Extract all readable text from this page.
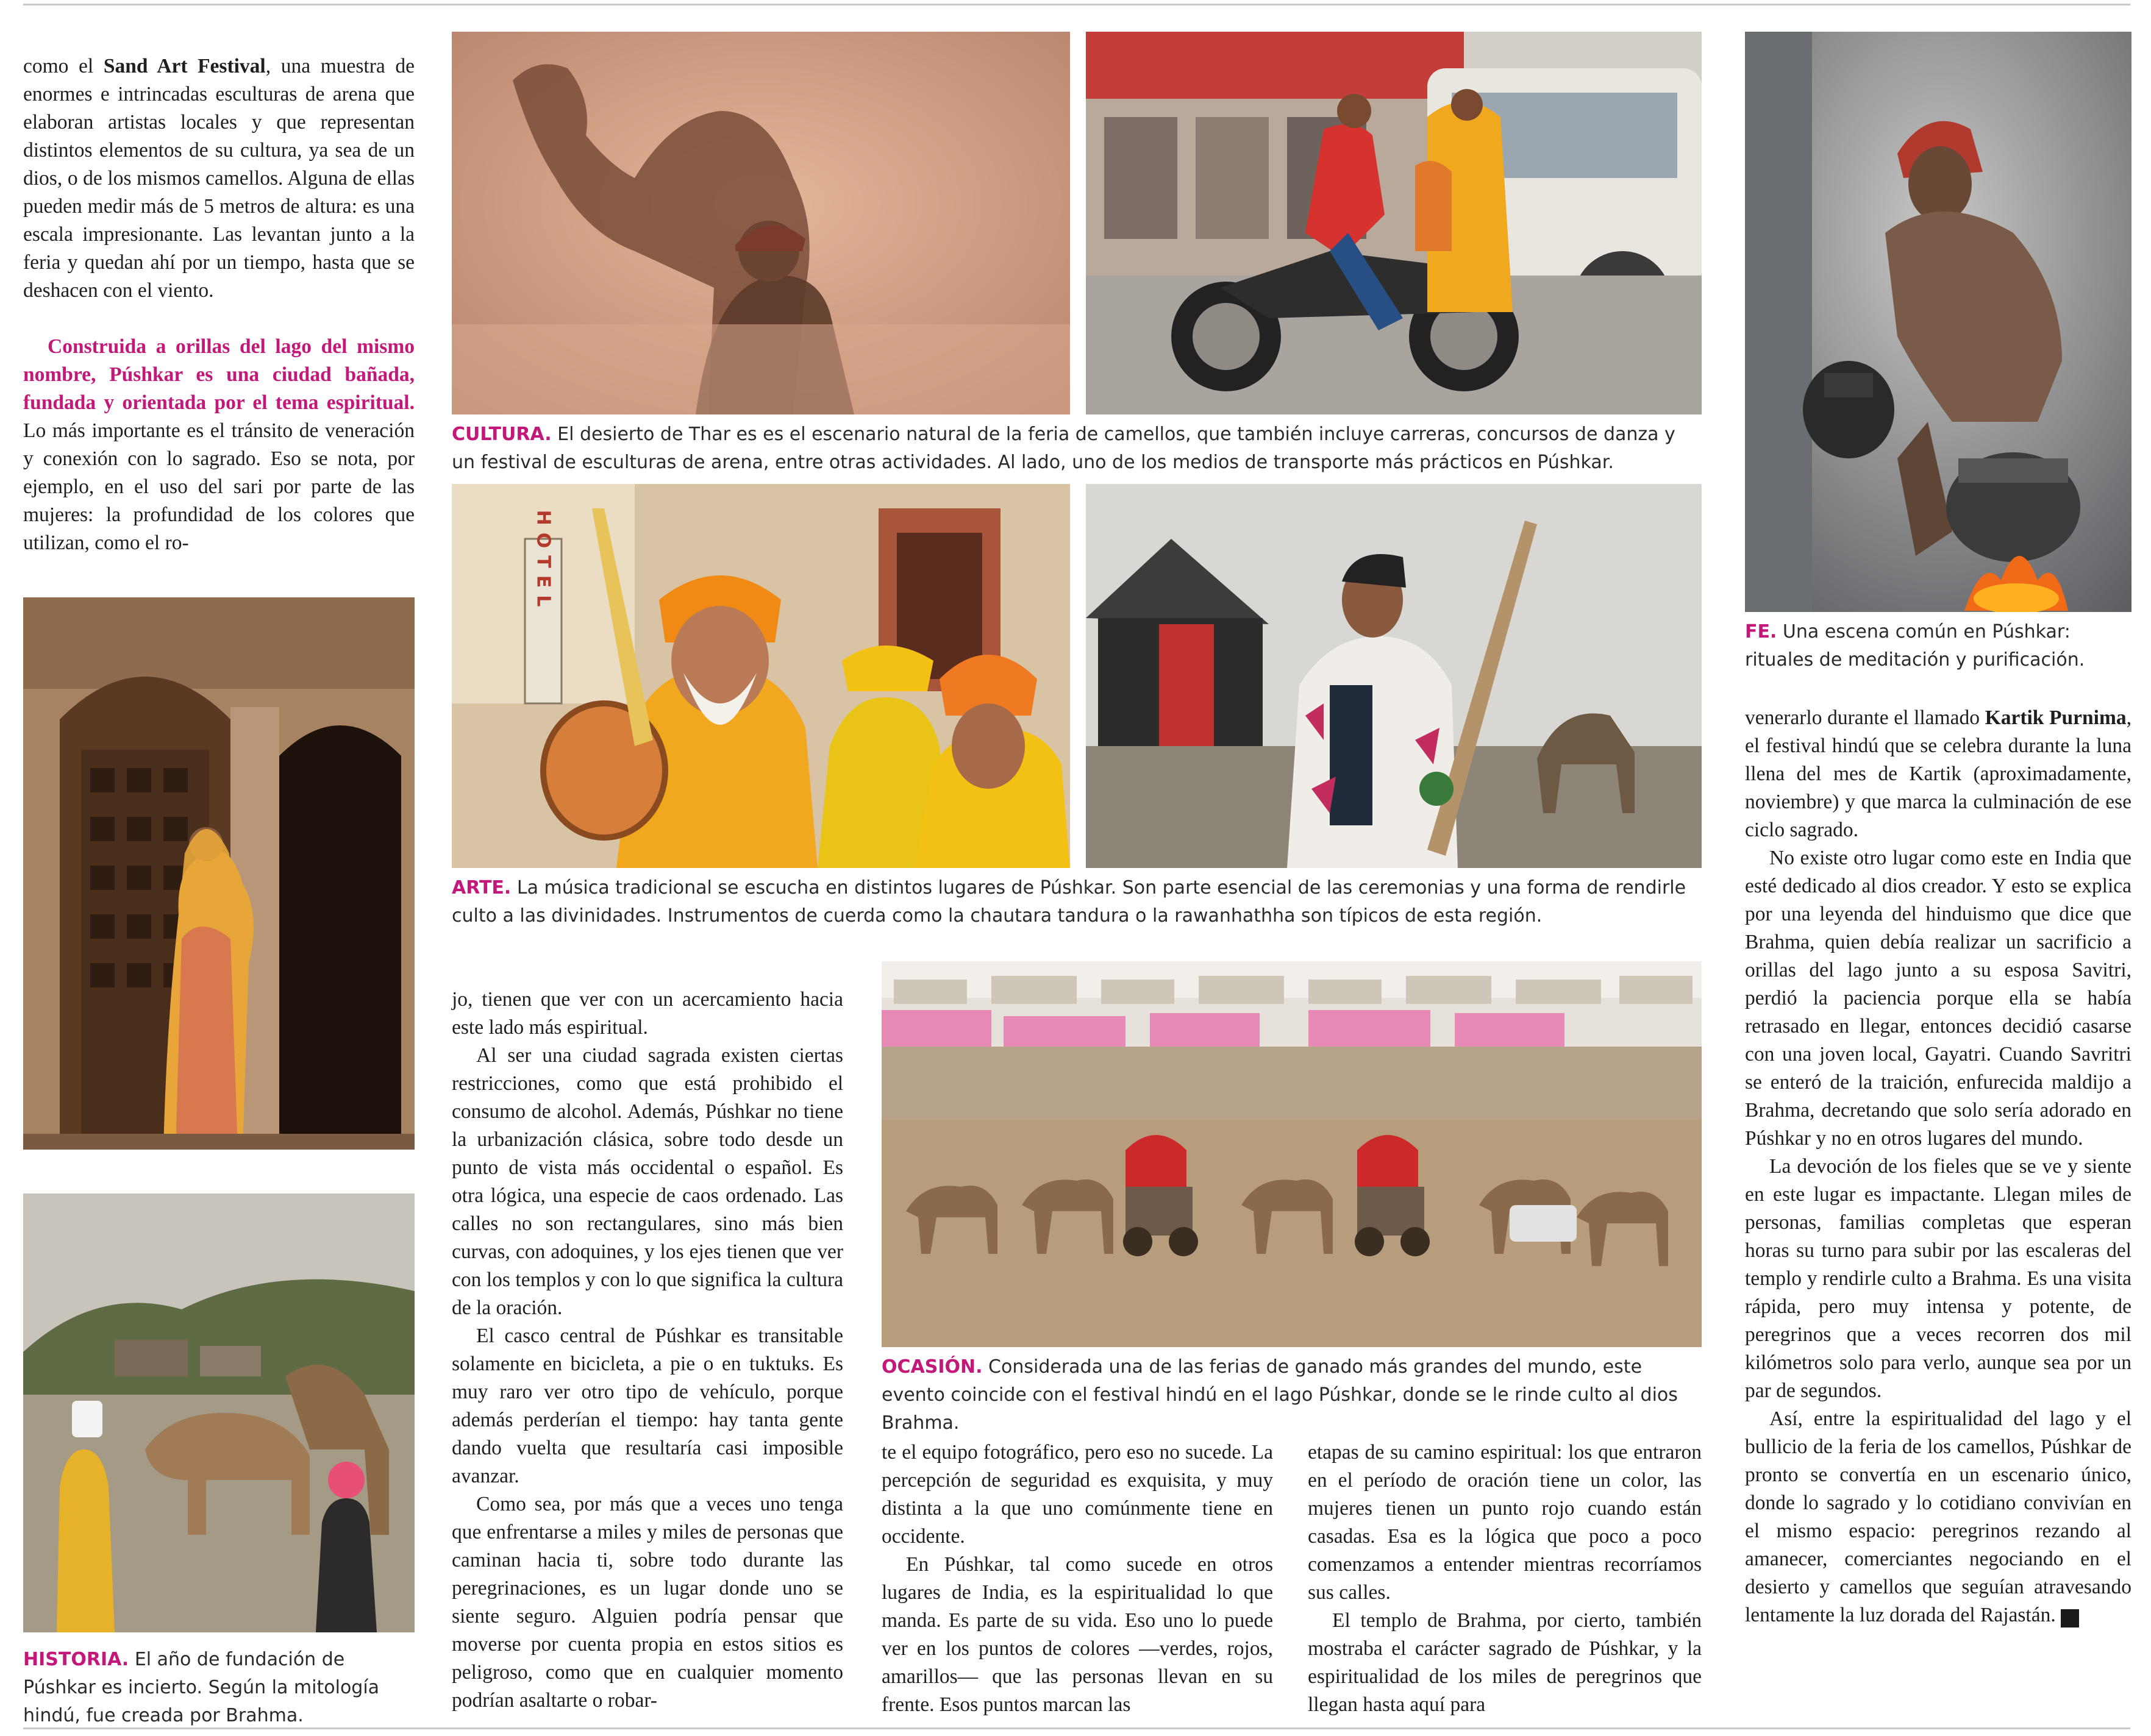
como el Sand Art Festival, una muestra de enormes e intrincadas esculturas de arena que elaboran artistas locales y que representan distintos elementos de su cultura, ya sea de un dios, o de los mismos camellos. Alguna de ellas pueden medir más de 5 metros de altura: es una escala impresionante. Las levantan junto a la feria y quedan ahí por un tiempo, hasta que se deshacen con el viento.

Construida a orillas del lago del mismo nombre, Púshkar es una ciudad bañada, fundada y orientada por el tema espiritual. Lo más importante es el tránsito de veneración y conexión con lo sagrado. Eso se nota, por ejemplo, en el uso del sari por parte de las mujeres: la profundidad de los colores que utilizan, como el ro-

HISTORIA. El año de fundación de Púshkar es incierto. Según la mitología hindú, fue creada por Brahma.
CULTURA. El desierto de Thar es es el escenario natural de la feria de camellos, que también incluye carreras, concursos de danza y un festival de esculturas de arena, entre otras actividades. Al lado, uno de los medios de transporte más prácticos en Púshkar.
HOTEL
ARTE. La música tradicional se escucha en distintos lugares de Púshkar. Son parte esencial de las ceremonias y una forma de rendirle culto a las divinidades. Instrumentos de cuerda como la chautara tandura o la rawanhathha son típicos de esta región.
FE. Una escena común en Púshkar: rituales de meditación y purificación.

venerarlo durante el llamado Kartik Purnima, el festival hindú que se celebra durante la luna llena del mes de Kartik (aproximadamente, noviembre) y que marca la culminación de ese ciclo sagrado.

No existe otro lugar como este en India que esté dedicado al dios creador. Y esto se explica por una leyenda del hinduismo que dice que Brahma, quien debía realizar un sacrificio a orillas del lago junto a su esposa Savitri, perdió la paciencia porque ella se había retrasado en llegar, entonces decidió casarse con una joven local, Gayatri. Cuando Savritri se enteró de la traición, enfurecida maldijo a Brahma, decretando que solo sería adorado en Púshkar y no en otros lugares del mundo.

La devoción de los fieles que se ve y siente en este lugar es impactante. Llegan miles de personas, familias completas que esperan horas su turno para subir por las escaleras del templo y rendirle culto a Brahma. Es una visita rápida, pero muy intensa y potente, de peregrinos que a veces recorren dos mil kilómetros solo para verlo, aunque sea por un par de segundos.

Así, entre la espiritualidad del lago y el bullicio de la feria de los camellos, Púshkar de pronto se convertía en un escenario único, donde lo sagrado y lo cotidiano convivían en el mismo espacio: peregrinos rezando al amanecer, comerciantes negociando en el desierto y camellos que seguían atravesando lentamente la luz dorada del Rajastán. D

jo, tienen que ver con un acercamiento hacia este lado más espiritual.

Al ser una ciudad sagrada existen ciertas restricciones, como que está prohibido el consumo de alcohol. Además, Púshkar no tiene la urbanización clásica, sobre todo desde un punto de vista más occidental o español. Es otra lógica, una especie de caos ordenado. Las calles no son rectangulares, sino más bien curvas, con adoquines, y los ejes tienen que ver con los templos y con lo que significa la cultura de la oración.

El casco central de Púshkar es transitable solamente en bicicleta, a pie o en tuktuks. Es muy raro ver otro tipo de vehículo, porque además perderían el tiempo: hay tanta gente dando vuelta que resultaría casi imposible avanzar.

Como sea, por más que a veces uno tenga que enfrentarse a miles y miles de personas que caminan hacia ti, sobre todo durante las peregrinaciones, es un lugar donde uno se siente seguro. Alguien podría pensar que moverse por cuenta propia en estos sitios es peligroso, como que en cualquier momento podrían asaltarte o robar-

OCASIÓN. Considerada una de las ferias de ganado más grandes del mundo, este evento coincide con el festival hindú en el lago Púshkar, donde se le rinde culto al dios Brahma.

te el equipo fotográfico, pero eso no sucede. La percepción de seguridad es exquisita, y muy distinta a la que uno comúnmente tiene en occidente.

En Púshkar, tal como sucede en otros lugares de India, es la espiritualidad lo que manda. Es parte de su vida. Eso uno lo puede ver en los puntos de colores —verdes, rojos, amarillos— que las personas llevan en su frente. Esos puntos marcan las

etapas de su camino espiritual: los que entraron en el período de oración tiene un color, las mujeres tienen un punto rojo cuando están casadas. Esa es la lógica que poco a poco comenzamos a entender mientras recorríamos sus calles.

El templo de Brahma, por cierto, también mostraba el carácter sagrado de Púshkar, y la espiritualidad de los miles de peregrinos que llegan hasta aquí para
